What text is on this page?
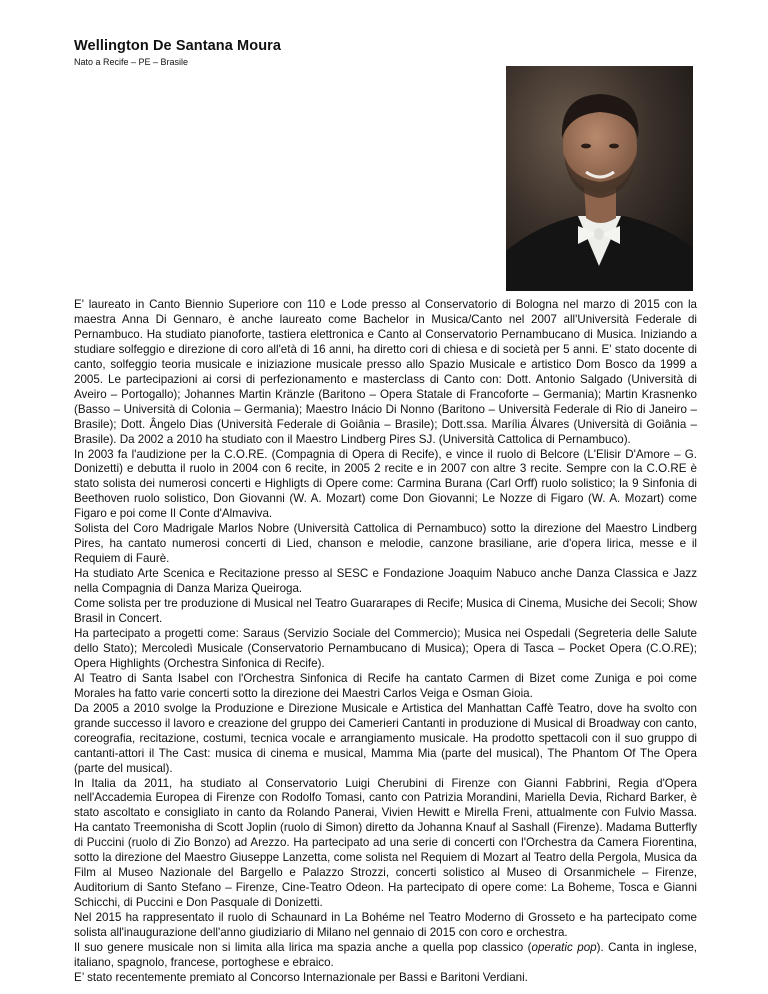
Wellington De Santana Moura
Nato a Recife – PE – Brasile

E' laureato in Canto Biennio Superiore con 110 e Lode presso al Conservatorio di Bologna nel marzo di 2015 con la maestra Anna Di Gennaro, è anche laureato come Bachelor in Musica/Canto nel 2007 all'Università Federale di Pernambuco. Ha studiato pianoforte, tastiera elettronica e Canto al Conservatorio Pernambucano di Musica. Iniziando a studiare solfeggio e direzione di coro all'età di 16 anni, ha diretto cori di chiesa e di società per 5 anni. E' stato docente di canto, solfeggio teoria musicale e iniziazione musicale presso allo Spazio Musicale e artistico Dom Bosco da 1999 a 2005. Le partecipazioni ai corsi di perfezionamento e masterclass di Canto con: Dott. Antonio Salgado (Università di Aveiro – Portogallo); Johannes Martin Kränzle (Baritono – Opera Statale di Francoforte – Germania); Martin Krasnenko (Basso – Università di Colonia – Germania); Maestro Inácio Di Nonno (Baritono – Università Federale di Rio di Janeiro – Brasile); Dott. Ângelo Dias (Università Federale di Goiânia – Brasile); Dott.ssa. Marília Álvares (Università di Goiânia – Brasile). Da 2002 a 2010 ha studiato con il Maestro Lindberg Pires SJ. (Università Cattolica di Pernambuco).

In 2003 fa l'audizione per la C.O.RE. (Compagnia di Opera di Recife), e vince il ruolo di Belcore (L'Elisir D'Amore – G. Donizetti) e debutta il ruolo in 2004 con 6 recite, in 2005 2 recite e in 2007 con altre 3 recite. Sempre con la C.O.RE è stato solista dei numerosi concerti e Highligts di Opere come: Carmina Burana (Carl Orff) ruolo solistico; la 9 Sinfonia di Beethoven ruolo solistico, Don Giovanni (W. A. Mozart) come Don Giovanni; Le Nozze di Figaro (W. A. Mozart) come Figaro e poi come Il Conte d'Almaviva.

Solista del Coro Madrigale Marlos Nobre (Università Cattolica di Pernambuco) sotto la direzione del Maestro Lindberg Pires, ha cantato numerosi concerti di Lied, chanson e melodie, canzone brasiliane, arie d'opera lirica, messe e il Requiem di Faurè.

Ha studiato Arte Scenica e Recitazione presso al SESC e Fondazione Joaquim Nabuco anche Danza Classica e Jazz nella Compagnia di Danza Mariza Queiroga.

Come solista per tre produzione di Musical nel Teatro Guararapes di Recife; Musica di Cinema, Musiche dei Secoli; Show Brasil in Concert.

Ha partecipato a progetti come: Saraus (Servizio Sociale del Commercio); Musica nei Ospedali (Segreteria delle Salute dello Stato); Mercoledì Musicale (Conservatorio Pernambucano di Musica); Opera di Tasca – Pocket Opera (C.O.RE); Opera Highlights (Orchestra Sinfonica di Recife).

Al Teatro di Santa Isabel con l'Orchestra Sinfonica di Recife ha cantato Carmen di Bizet come Zuniga e poi come Morales ha fatto varie concerti sotto la direzione dei Maestri Carlos Veiga e Osman Gioia.

Da 2005 a 2010 svolge la Produzione e Direzione Musicale e Artistica del Manhattan Caffè Teatro, dove ha svolto con grande successo il lavoro e creazione del gruppo dei Camerieri Cantanti in produzione di Musical di Broadway con canto, coreografia, recitazione, costumi, tecnica vocale e arrangiamento musicale. Ha prodotto spettacoli con il suo gruppo di cantanti-attori il The Cast: musica di cinema e musical, Mamma Mia (parte del musical), The Phantom Of The Opera (parte del musical).

In Italia da 2011, ha studiato al Conservatorio Luigi Cherubini di Firenze con Gianni Fabbrini, Regia d'Opera nell'Accademia Europea di Firenze con Rodolfo Tomasi, canto con Patrizia Morandini, Mariella Devia, Richard Barker, è stato ascoltato e consigliato in canto da Rolando Panerai, Vivien Hewitt e Mirella Freni, attualmente con Fulvio Massa. Ha cantato Treemonisha di Scott Joplin (ruolo di Simon) diretto da Johanna Knauf al Sashall (Firenze). Madama Butterfly di Puccini (ruolo di Zio Bonzo) ad Arezzo. Ha partecipato ad una serie di concerti con l'Orchestra da Camera Fiorentina, sotto la direzione del Maestro Giuseppe Lanzetta, come solista nel Requiem di Mozart al Teatro della Pergola, Musica da Film al Museo Nazionale del Bargello e Palazzo Strozzi, concerti solistico al Museo di Orsanmichele – Firenze, Auditorium di Santo Stefano – Firenze, Cine-Teatro Odeon. Ha partecipato di opere come: La Boheme, Tosca e Gianni Schicchi, di Puccini e Don Pasquale di Donizetti.

Nel 2015 ha rappresentato il ruolo di Schaunard in La Bohéme nel Teatro Moderno di Grosseto e ha partecipato come solista all'inaugurazione dell'anno giudiziario di Milano nel gennaio di 2015 con coro e orchestra.

Il suo genere musicale non si limita alla lirica ma spazia anche a quella pop classico (operatic pop). Canta in inglese, italiano, spagnolo, francese, portoghese e ebraico.

E’ stato recentemente premiato al Concorso Internazionale per Bassi e Baritoni Verdiani.
